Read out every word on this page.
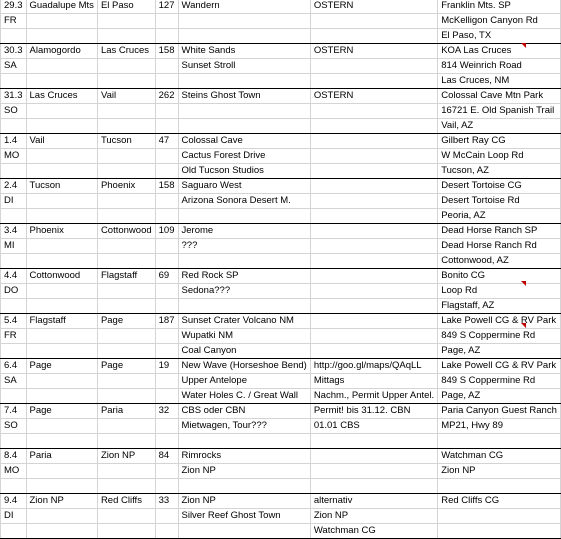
29.3	Guadalupe Mts	El Paso	127	Wandern	OSTERN	Franklin Mts. SP
FR						McKelligon Canyon Rd
						El Paso, TX
30.3	Alamogordo	Las Cruces	158	White Sands	OSTERN	KOA Las Cruces
SA				Sunset Stroll		814 Weinrich Road
						Las Cruces, NM
31.3	Las Cruces	Vail	262	Steins Ghost Town	OSTERN	Colossal Cave Mtn Park
SO						16721 E. Old Spanish Trail
						Vail, AZ
1.4	Vail	Tucson	47	Colossal Cave		Gilbert Ray CG
MO				Cactus Forest Drive		W McCain Loop Rd
				Old Tucson Studios		Tucson, AZ
2.4	Tucson	Phoenix	158	Saguaro West		Desert Tortoise CG
DI				Arizona Sonora Desert M.		Desert Tortoise Rd
						Peoria, AZ
3.4	Phoenix	Cottonwood	109	Jerome		Dead Horse Ranch SP
MI				???		Dead Horse Ranch Rd
						Cottonwood, AZ
4.4	Cottonwood	Flagstaff	69	Red Rock SP		Bonito CG
DO				Sedona???		Loop Rd
						Flagstaff, AZ
5.4	Flagstaff	Page	187	Sunset Crater Volcano NM		Lake Powell CG & RV Park
FR				Wupatki NM		849 S Coppermine Rd
				Coal Canyon		Page, AZ
6.4	Page	Page	19	New Wave (Horseshoe Bend)	http://goo.gl/maps/QAqLL	Lake Powell CG & RV Park
SA				Upper Antelope	Mittags	849 S Coppermine Rd
				Water Holes C. / Great Wall	Nachm., Permit Upper Antel.	Page, AZ
7.4	Page	Paria	32	CBS oder CBN	Permit! bis 31.12. CBN	Paria Canyon Guest Ranch
SO				Mietwagen, Tour???	01.01 CBS	MP21, Hwy 89

8.4	Paria	Zion NP	84	Rimrocks		Watchman CG
MO				Zion NP		Zion NP

9.4	Zion NP	Red Cliffs	33	Zion NP	alternativ	Red Cliffs CG
DI				Silver Reef Ghost Town	Zion NP	
					Watchman CG	
